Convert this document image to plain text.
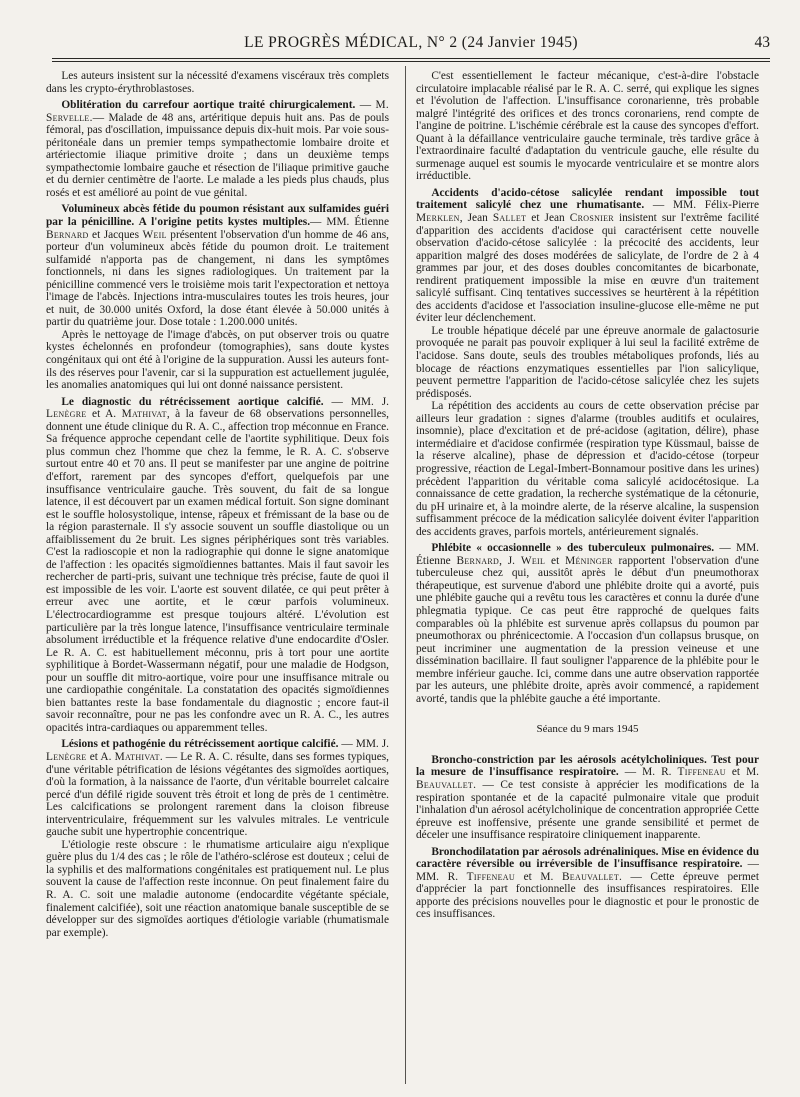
LE PROGRÈS MÉDICAL, N° 2 (24 Janvier 1945)	43

Les auteurs insistent sur la nécessité d'examens viscéraux très complets dans les crypto-érythroblastoses.

Oblitération du carrefour aortique traité chirurgicalement. — M. Servelle.— Malade de 48 ans, artéritique depuis huit ans. Pas de pouls fémoral, pas d'oscillation, impuissance depuis dix-huit mois. Par voie sous-péritonéale dans un premier temps sympathectomie lombaire droite et artériectomie iliaque primitive droite ; dans un deuxième temps sympathectomie lombaire gauche et résection de l'iliaque primitive gauche et du dernier centimètre de l'aorte. Le malade a les pieds plus chauds, plus rosés et est amélioré au point de vue génital.

Volumineux abcès fétide du poumon résistant aux sulfamides guéri par la pénicilline. A l'origine petits kystes multiples.— MM. Étienne Bernard et Jacques Weil présentent l'observation d'un homme de 46 ans, porteur d'un volumineux abcès fétide du poumon droit. Le traitement sulfamidé n'apporta pas de changement, ni dans les symptômes fonctionnels, ni dans les signes radiologiques. Un traitement par la pénicilline commencé vers le troisième mois tarit l'expectoration et nettoya l'image de l'abcès. Injections intra-musculaires toutes les trois heures, jour et nuit, de 30.000 unités Oxford, la dose étant élevée à 50.000 unités à partir du quatrième jour. Dose totale : 1.200.000 unités.

Après le nettoyage de l'image d'abcès, on put observer trois ou quatre kystes échelonnés en profondeur (tomographies), sans doute kystes congénitaux qui ont été à l'origine de la suppuration. Aussi les auteurs font-ils des réserves pour l'avenir, car si la suppuration est actuellement jugulée, les anomalies anatomiques qui lui ont donné naissance persistent.

Le diagnostic du rétrécissement aortique calcifié. — MM. J. Lenègre et A. Mathivat, à la faveur de 68 observations personnelles, donnent une étude clinique du R. A. C., affection trop méconnue en France. Sa fréquence approche cependant celle de l'aortite syphilitique. Deux fois plus commun chez l'homme que chez la femme, le R. A. C. s'observe surtout entre 40 et 70 ans. Il peut se manifester par une angine de poitrine d'effort, rarement par des syncopes d'effort, quelquefois par une insuffisance ventriculaire gauche. Très souvent, du fait de sa longue latence, il est découvert par un examen médical fortuit. Son signe dominant est le souffle holosystolique, intense, râpeux et frémissant de la base ou de la région parasternale. Il s'y associe souvent un souffle diastolique ou un affaiblissement du 2e bruit. Les signes périphériques sont très variables. C'est la radioscopie et non la radiographie qui donne le signe anatomique de l'affection : les opacités sigmoïdiennes battantes. Mais il faut savoir les rechercher de parti-pris, suivant une technique très précise, faute de quoi il est impossible de les voir. L'aorte est souvent dilatée, ce qui peut prêter à erreur avec une aortite, et le cœur parfois volumineux. L'électrocardiogramme est presque toujours altéré. L'évolution est particulière par la très longue latence, l'insuffisance ventriculaire terminale absolument irréductible et la fréquence relative d'une endocardite d'Osler. Le R. A. C. est habituellement méconnu, pris à tort pour une aortite syphilitique à Bordet-Wassermann négatif, pour une maladie de Hodgson, pour un souffle dit mitro-aortique, voire pour une insuffisance mitrale ou une cardiopathie congénitale. La constatation des opacités sigmoïdiennes bien battantes reste la base fondamentale du diagnostic ; encore faut-il savoir reconnaître, pour ne pas les confondre avec un R. A. C., les autres opacités intra-cardiaques ou apparemment telles.

Lésions et pathogénie du rétrécissement aortique calcifié. — MM. J. Lenègre et A. Mathivat. — Le R. A. C. résulte, dans ses formes typiques, d'une véritable pétrification de lésions végétantes des sigmoïdes aortiques, d'où la formation, à la naissance de l'aorte, d'un véritable bourrelet calcaire percé d'un défilé rigide souvent très étroit et long de près de 1 centimètre. Les calcifications se prolongent rarement dans la cloison fibreuse interventriculaire, fréquemment sur les valvules mitrales. Le ventricule gauche subit une hypertrophie concentrique.

L'étiologie reste obscure : le rhumatisme articulaire aigu n'explique guère plus du 1/4 des cas ; le rôle de l'athéro-sclérose est douteux ; celui de la syphilis et des malformations congénitales est pratiquement nul. Le plus souvent la cause de l'affection reste inconnue. On peut finalement faire du R. A. C. soit une maladie autonome (endocardite végétante spéciale, finalement calcifiée), soit une réaction anatomique banale susceptible de se développer sur des sigmoïdes aortiques d'étiologie variable (rhumatismale par exemple).

C'est essentiellement le facteur mécanique, c'est-à-dire l'obstacle circulatoire implacable réalisé par le R. A. C. serré, qui explique les signes et l'évolution de l'affection. L'insuffisance coronarienne, très probable malgré l'intégrité des orifices et des troncs coronariens, rend compte de l'angine de poitrine. L'ischémie cérébrale est la cause des syncopes d'effort. Quant à la défaillance ventriculaire gauche terminale, très tardive grâce à l'extraordinaire faculté d'adaptation du ventricule gauche, elle résulte du surmenage auquel est soumis le myocarde ventriculaire et se montre alors irréductible.

Accidents d'acido-cétose salicylée rendant impossible tout traitement salicylé chez une rhumatisante. — MM. Félix-Pierre Merklen, Jean Sallet et Jean Crosnier insistent sur l'extrême facilité d'apparition des accidents d'acidose qui caractérisent cette nouvelle observation d'acido-cétose salicylée : la précocité des accidents, leur apparition malgré des doses modérées de salicylate, de l'ordre de 2 à 4 grammes par jour, et des doses doubles concomitantes de bicarbonate, rendirent pratiquement impossible la mise en œuvre d'un traitement salicylé suffisant. Cinq tentatives successives se heurtèrent à la répétition des accidents d'acidose et l'association insuline-glucose elle-même ne put éviter leur déclenchement.

Le trouble hépatique décelé par une épreuve anormale de galactosurie provoquée ne parait pas pouvoir expliquer à lui seul la facilité extrême de l'acidose. Sans doute, seuls des troubles métaboliques profonds, liés au blocage de réactions enzymatiques essentielles par l'ion salicylique, peuvent permettre l'apparition de l'acido-cétose salicylée chez les sujets prédisposés.

La répétition des accidents au cours de cette observation précise par ailleurs leur gradation : signes d'alarme (troubles auditifs et oculaires, insomnie), place d'excitation et de pré-acidose (agitation, délire), phase intermédiaire et d'acidose confirmée (respiration type Küssmaul, baisse de la réserve alcaline), phase de dépression et d'acido-cétose (torpeur progressive, réaction de Legal-Imbert-Bonnamour positive dans les urines) précèdent l'apparition du véritable coma salicylé acidocétosique. La connaissance de cette gradation, la recherche systématique de la cétonurie, du pH urinaire et, à la moindre alerte, de la réserve alcaline, la suspension suffisamment précoce de la médication salicylée doivent éviter l'apparition des accidents graves, parfois mortels, antérieurement signalés.

Phlébite « occasionnelle » des tuberculeux pulmonaires. — MM. Étienne Bernard, J. Weil et Méninger rapportent l'observation d'une tuberculeuse chez qui, aussitôt après le début d'un pneumothorax thérapeutique, est survenue d'abord une phlébite droite qui a avorté, puis une phlébite gauche qui a revêtu tous les caractères et connu la durée d'une phlegmatia typique. Ce cas peut être rapproché de quelques faits comparables où la phlébite est survenue après collapsus du poumon par pneumothorax ou phrénicectomie. A l'occasion d'un collapsus brusque, on peut incriminer une augmentation de la pression veineuse et une dissémination bacillaire. Il faut souligner l'apparence de la phlébite pour le membre inférieur gauche. Ici, comme dans une autre observation rapportée par les auteurs, une phlébite droite, après avoir commencé, a rapidement avorté, tandis que la phlébite gauche a été importante.

Séance du 9 mars 1945

Broncho-constriction par les aérosols acétylcholiniques. Test pour la mesure de l'insuffisance respiratoire. — M. R. Tiffeneau et M. Beauvallet. — Ce test consiste à apprécier les modifications de la respiration spontanée et de la capacité pulmonaire vitale que produit l'inhalation d'un aérosol acétylcholinique de concentration appropriée Cette épreuve est inoffensive, présente une grande sensibilité et permet de déceler une insuffisance respiratoire cliniquement inapparente.

Bronchodilatation par aérosols adrénaliniques. Mise en évidence du caractère réversible ou irréversible de l'insuffisance respiratoire. — MM. R. Tiffeneau et M. Beauvallet. — Cette épreuve permet d'apprécier la part fonctionnelle des insuffisances respiratoires. Elle apporte des précisions nouvelles pour le diagnostic et pour le pronostic de ces insuffisances.
